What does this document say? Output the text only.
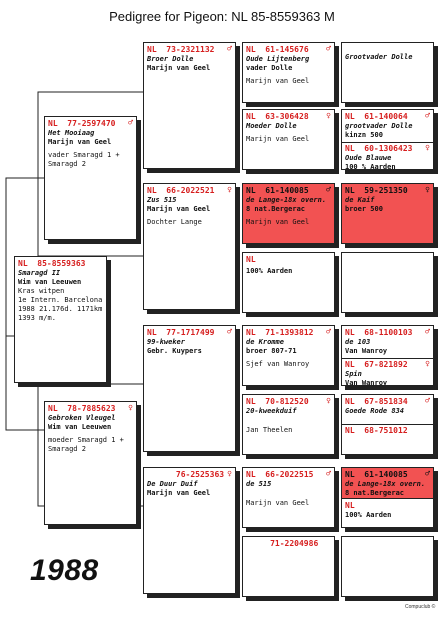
Pedigree for Pigeon: NL 85-8559363 M
NL 85-8559363
Smaragd II
Wim van Leeuwen
Kras witpen
1e Intern. Barcelona
1988 21.176d. 1171km
1393 m/m.
NL 77-2597470 ♂
Het Mooiaag
Marijn van Geel
vader Smaragd 1 +
Smaragd 2
NL 78-7885623 ♀
Gebroken Vleugel
Wim van Leeuwen
moeder Smaragd 1 +
Smaragd 2
NL 73-2321132 ♂
Broer Dolle
Marijn van Geel
NL 66-2022521 ♀
Zus 515
Marijn van Geel
Dochter Lange
NL 77-1717499 ♂
99-kweker
Gebr. Kuypers
76-2525363 ♀
De Duur Duif
Marijn van Geel
NL 61-145676 ♂
Oude Lijtenberg
vader Dolle
Marijn van Geel
NL 63-306428 ♀
Moeder Dolle
Marijn van Geel
NL 61-140085 ♂
de Lange-18x overn.
8 nat.Bergerac
Marijn van Geel
NL
100% Aarden
NL 71-1393812 ♂
de Kromme
broer 807-71
Sjef van Wanroy
NL 70-812520 ♀
20-kweekduif
Jan Theelen
NL 66-2022515 ♂
de 515
Marijn van Geel
71-2204986
Grootvader Dolle
NL 61-140064 ♂
grootvader Dolle
kinzn 500
NL 60-1306423 ♀
Oude Blauwe
100 % Aarden
NL 59-251350 ♀
de Kaif
broer 500
NL 68-1100103 ♂
de 103
Van Wanroy
NL 67-821892 ♀
Spin
Van Wanroy
NL 67-851834 ♂
Goede Rode 834
NL 68-751012
NL 61-140085 ♂
de Lange-18x overn.
8 nat.Bergerac
NL
100% Aarden
1988
Compuclub ©
